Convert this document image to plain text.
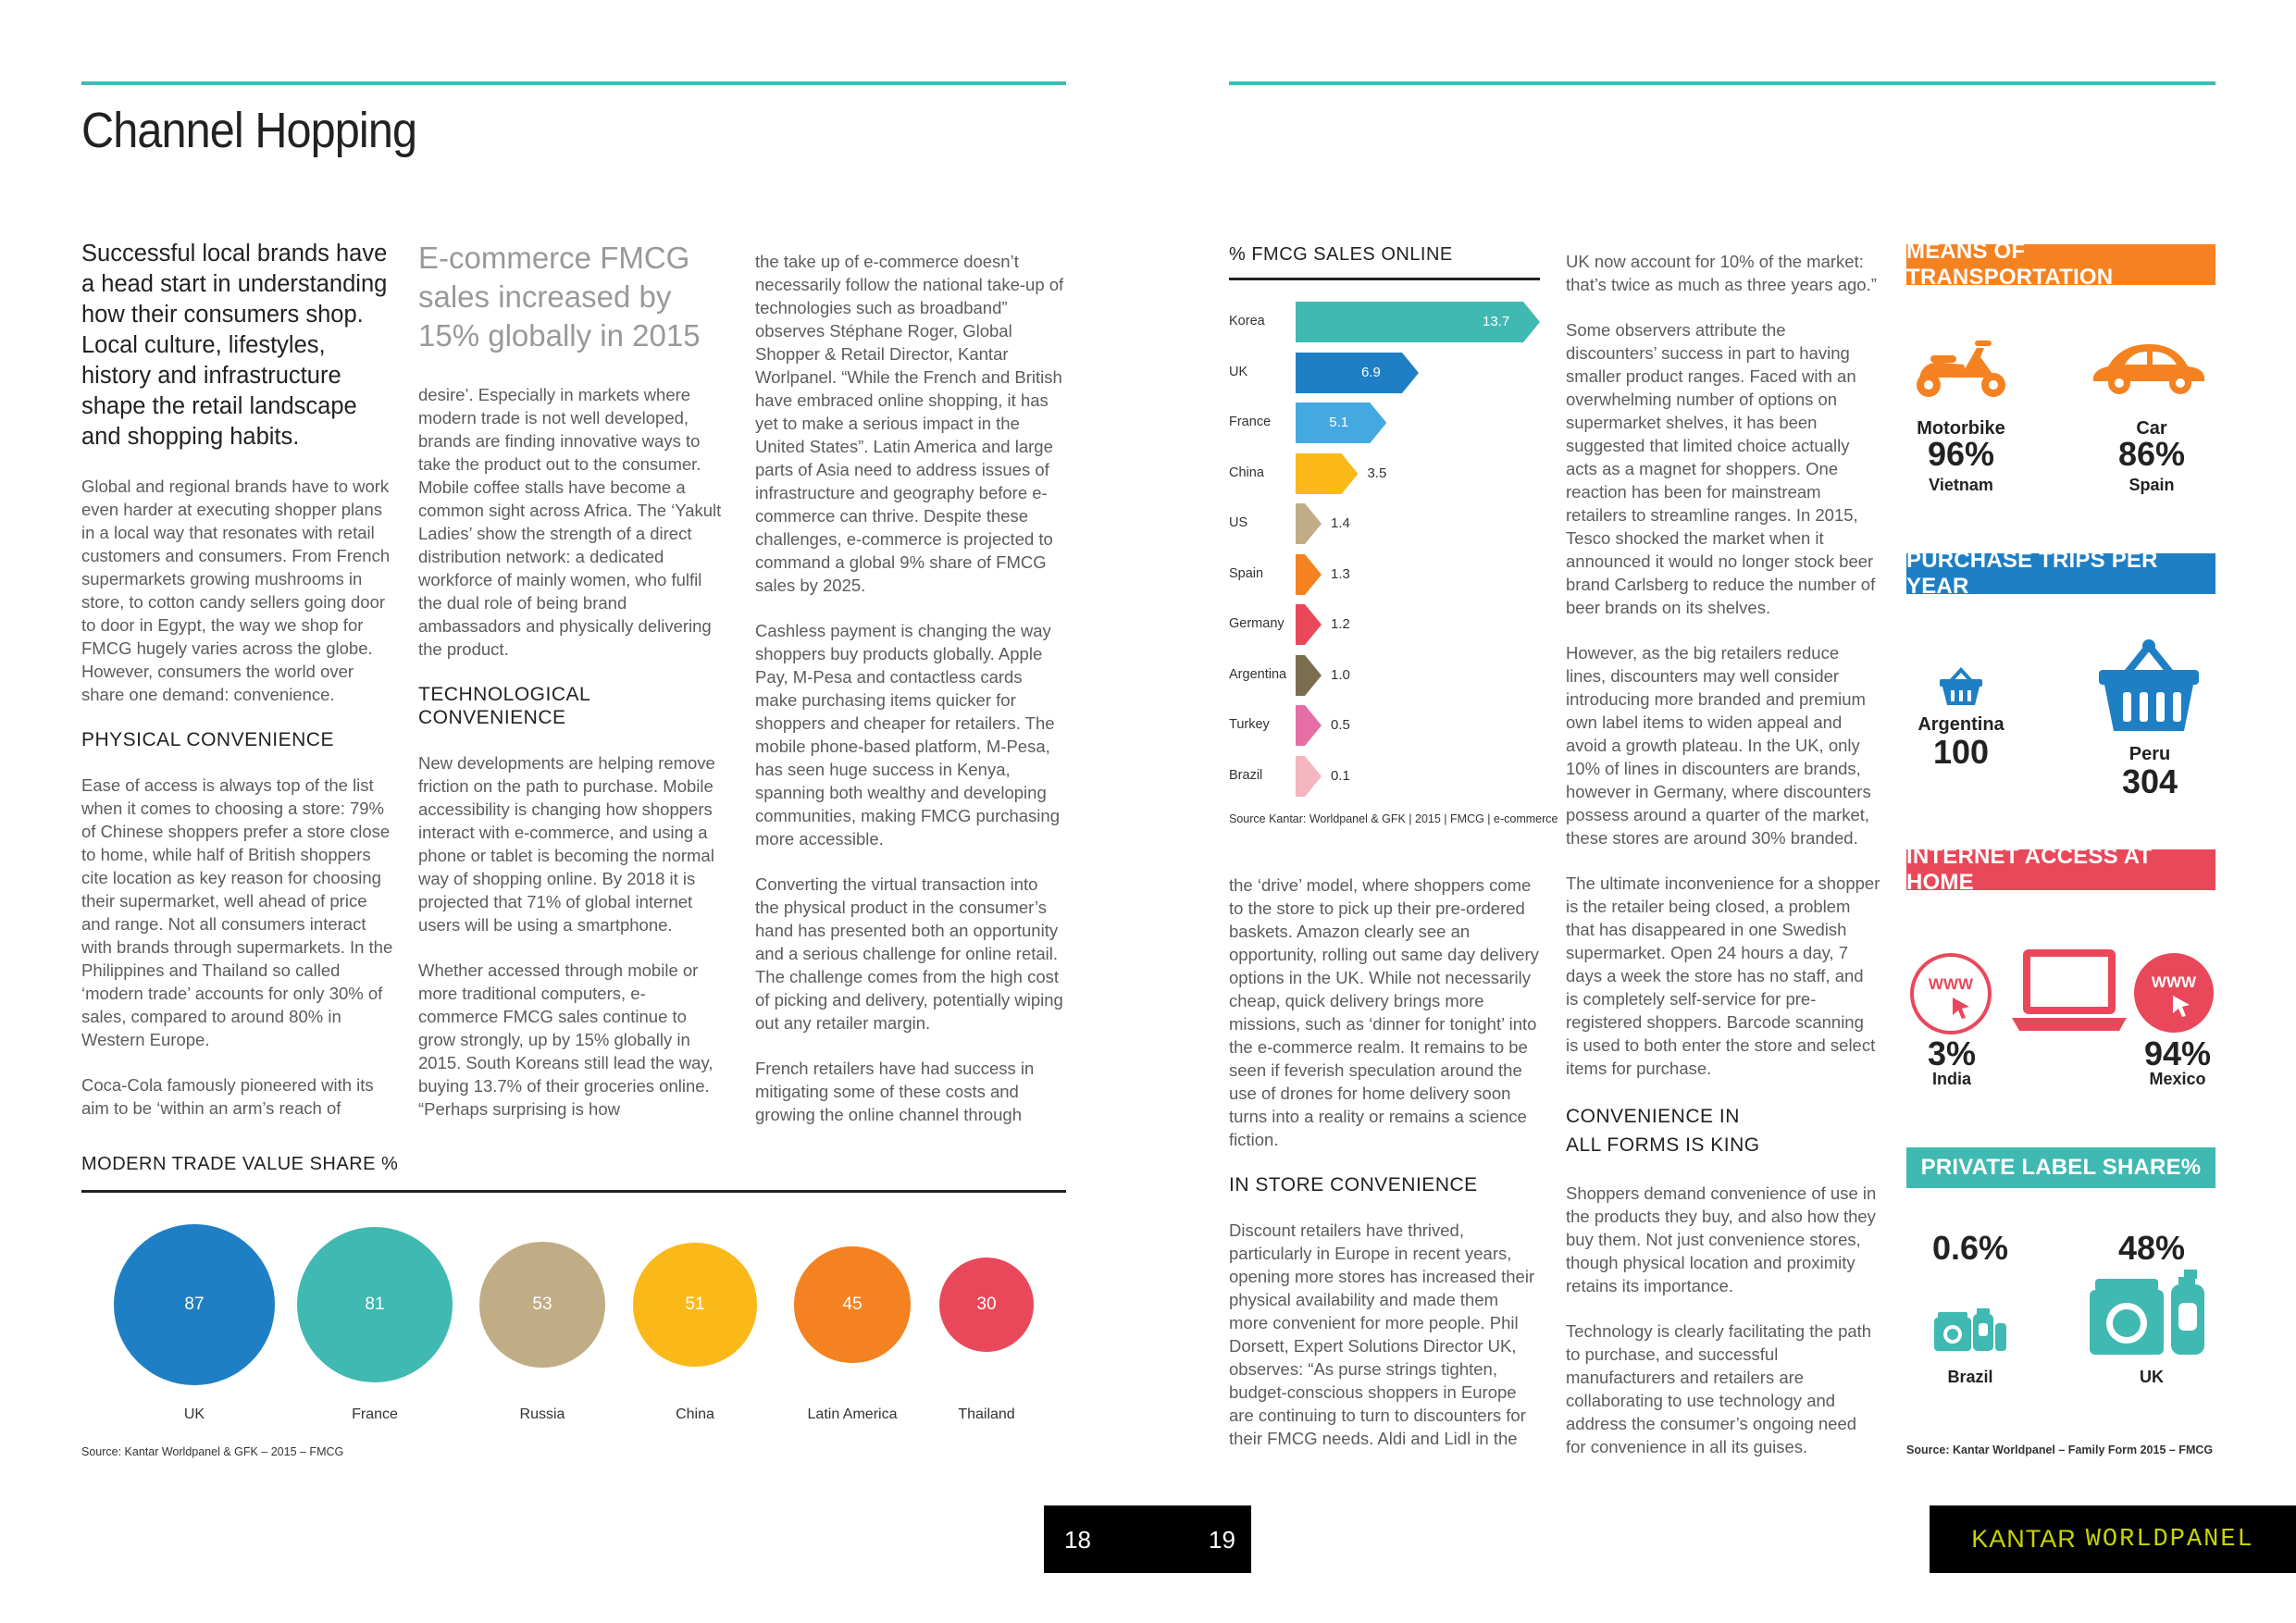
Channel Hopping

Successful local brands have a head start in understanding how their consumers shop. Local culture, lifestyles, history and infrastructure shape the retail landscape and shopping habits.

Global and regional brands have to work even harder at executing shopper plans in a local way that resonates with retail customers and consumers. From French supermarkets growing mushrooms in store, to cotton candy sellers going door to door in Egypt, the way we shop for FMCG hugely varies across the globe. However, consumers the world over share one demand: convenience.

PHYSICAL CONVENIENCE

Ease of access is always top of the list when it comes to choosing a store: 79% of Chinese shoppers prefer a store close to home, while half of British shoppers cite location as key reason for choosing their supermarket, well ahead of price and range. Not all consumers interact with brands through supermarkets. In the Philippines and Thailand so called ‘modern trade’ accounts for only 30% of sales, compared to around 80% in Western Europe.

Coca-Cola famously pioneered with its aim to be ‘within an arm’s reach of

E-commerce FMCG sales increased by 15% globally in 2015

desire’. Especially in markets where modern trade is not well developed, brands are finding innovative ways to take the product out to the consumer. Mobile coffee stalls have become a common sight across Africa. The ‘Yakult Ladies’ show the strength of a direct distribution network: a dedicated workforce of mainly women, who fulfil the dual role of being brand ambassadors and physically delivering the product.

TECHNOLOGICAL CONVENIENCE

New developments are helping remove friction on the path to purchase. Mobile accessibility is changing how shoppers interact with e-commerce, and using a phone or tablet is becoming the normal way of shopping online. By 2018 it is projected that 71% of global internet users will be using a smartphone.

Whether accessed through mobile or more traditional computers, e-commerce FMCG sales continue to grow strongly, up by 15% globally in 2015. South Koreans still lead the way, buying 13.7% of their groceries online. “Perhaps surprising is how

the take up of e-commerce doesn’t necessarily follow the national take-up of technologies such as broadband” observes Stéphane Roger, Global Shopper & Retail Director, Kantar Worlpanel. “While the French and British have embraced online shopping, it has yet to make a serious impact in the United States”. Latin America and large parts of Asia need to address issues of infrastructure and geography before e-commerce can thrive. Despite these challenges, e-commerce is projected to command a global 9% share of FMCG sales by 2025.

Cashless payment is changing the way shoppers buy products globally. Apple Pay, M-Pesa and contactless cards make purchasing items quicker for shoppers and cheaper for retailers. The mobile phone-based platform, M-Pesa, has seen huge success in Kenya, spanning both wealthy and developing communities, making FMCG purchasing more accessible.

Converting the virtual transaction into the physical product in the consumer’s hand has presented both an opportunity and a serious challenge for online retail. The challenge comes from the high cost of picking and delivery, potentially wiping out any retailer margin.

French retailers have had success in mitigating some of these costs and growing the online channel through

MODERN TRADE VALUE SHARE %
87
UK
81
France
53
Russia
51
China
45
Latin America
30
Thailand
Source: Kantar Worldpanel & GFK – 2015 – FMCG
% FMCG SALES ONLINE
Korea	13.7
UK	6.9
France	5.1
China	3.5
US	1.4
Spain	1.3
Germany	1.2
Argentina	1.0
Turkey	0.5
Brazil	0.1
Source Kantar: Worldpanel & GFK | 2015 | FMCG | e-commerce

the ‘drive’ model, where shoppers come to the store to pick up their pre-ordered baskets. Amazon clearly see an opportunity, rolling out same day delivery options in the UK. While not necessarily cheap, quick delivery brings more missions, such as ‘dinner for tonight’ into the e-commerce realm. It remains to be seen if feverish speculation around the use of drones for home delivery soon turns into a reality or remains a science fiction.

IN STORE CONVENIENCE

Discount retailers have thrived, particularly in Europe in recent years, opening more stores has increased their physical availability and made them more convenient for more people. Phil Dorsett, Expert Solutions Director UK, observes: “As purse strings tighten, budget-conscious shoppers in Europe are continuing to turn to discounters for their FMCG needs. Aldi and Lidl in the

UK now account for 10% of the market: that’s twice as much as three years ago.”

Some observers attribute the discounters’ success in part to having smaller product ranges. Faced with an overwhelming number of options on supermarket shelves, it has been suggested that limited choice actually acts as a magnet for shoppers. One reaction has been for mainstream retailers to streamline ranges. In 2015, Tesco shocked the market when it announced it would no longer stock beer brand Carlsberg to reduce the number of beer brands on its shelves.

However, as the big retailers reduce lines, discounters may well consider introducing more branded and premium own label items to widen appeal and avoid a growth plateau. In the UK, only 10% of lines in discounters are brands, however in Germany, where discounters possess around a quarter of the market, these stores are around 30% branded.

The ultimate inconvenience for a shopper is the retailer being closed, a problem that has disappeared in one Swedish supermarket. Open 24 hours a day, 7 days a week the store has no staff, and is completely self-service for pre-registered shoppers. Barcode scanning is used to both enter the store and select items for purchase.

CONVENIENCE IN ALL FORMS IS KING

Shoppers demand convenience of use in the products they buy, and also how they buy them. Not just convenience stores, though physical location and proximity retains its importance.

Technology is clearly facilitating the path to purchase, and successful manufacturers and retailers are collaborating to use technology and address the consumer’s ongoing need for convenience in all its guises.

MEANS OF TRANSPORTATION
Motorbike
96%
Vietnam
Car
86%
Spain
PURCHASE TRIPS PER YEAR
Argentina
100	Peru
304
INTERNET ACCESS AT HOME
WWW	WWW
3%
India
94%
Mexico
PRIVATE LABEL SHARE%
0.6%	48%
Brazil	UK
Source: Kantar Worldpanel – Family Form 2015 – FMCG
18	19	KANTAR WORLDPANEL
